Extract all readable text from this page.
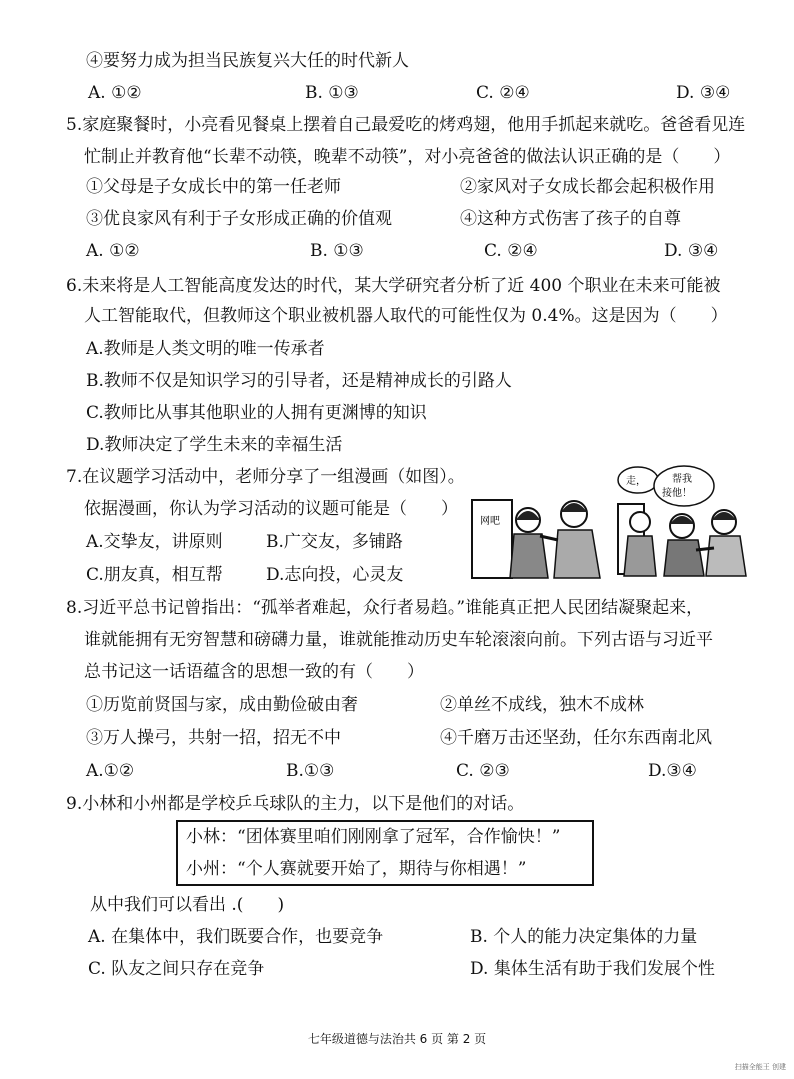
④要努力成为担当民族复兴大任的时代新人
A. ①②	B. ①③	C. ②④	D. ③④
5.家庭聚餐时，小亮看见餐桌上摆着自己最爱吃的烤鸡翅，他用手抓起来就吃。爸爸看见连
忙制止并教育他“长辈不动筷，晚辈不动筷”，对小亮爸爸的做法认识正确的是（　　）
①父母是子女成长中的第一任老师	②家风对子女成长都会起积极作用
③优良家风有利于子女形成正确的价值观	④这种方式伤害了孩子的自尊
A. ①②	B. ①③	C. ②④	D. ③④
6.未来将是人工智能高度发达的时代，某大学研究者分析了近 400 个职业在未来可能被
人工智能取代，但教师这个职业被机器人取代的可能性仅为 0.4%。这是因为（　　）
A.教师是人类文明的唯一传承者
B.教师不仅是知识学习的引导者，还是精神成长的引路人
C.教师比从事其他职业的人拥有更渊博的知识
D.教师决定了学生未来的幸福生活
7.在议题学习活动中，老师分享了一组漫画（如图）。
依据漫画，你认为学习活动的议题可能是（　　）
A.交挚友，讲原则	B.广交友，多铺路
C.朋友真，相互帮	D.志向投，心灵友
网吧
走，	帮我
接他！
8.习近平总书记曾指出：“孤举者难起，众行者易趋。”谁能真正把人民团结凝聚起来，
谁就能拥有无穷智慧和磅礴力量，谁就能推动历史车轮滚滚向前。下列古语与习近平
总书记这一话语蕴含的思想一致的有（　　）
①历览前贤国与家，成由勤俭破由奢	②单丝不成线，独木不成林
③万人操弓，共射一招，招无不中	④千磨万击还坚劲，任尔东西南北风
A.①②	B.①③	C. ②③	D.③④
9.小林和小州都是学校乒乓球队的主力，以下是他们的对话。
小林：“团体赛里咱们刚刚拿了冠军，合作愉快！”
小州：“个人赛就要开始了，期待与你相遇！”
从中我们可以看出 .(　　)
A. 在集体中，我们既要合作，也要竞争	B. 个人的能力决定集体的力量
C. 队友之间只存在竞争	D. 集体生活有助于我们发展个性
七年级道德与法治共 6 页 第 2 页
扫描全能王 创建
